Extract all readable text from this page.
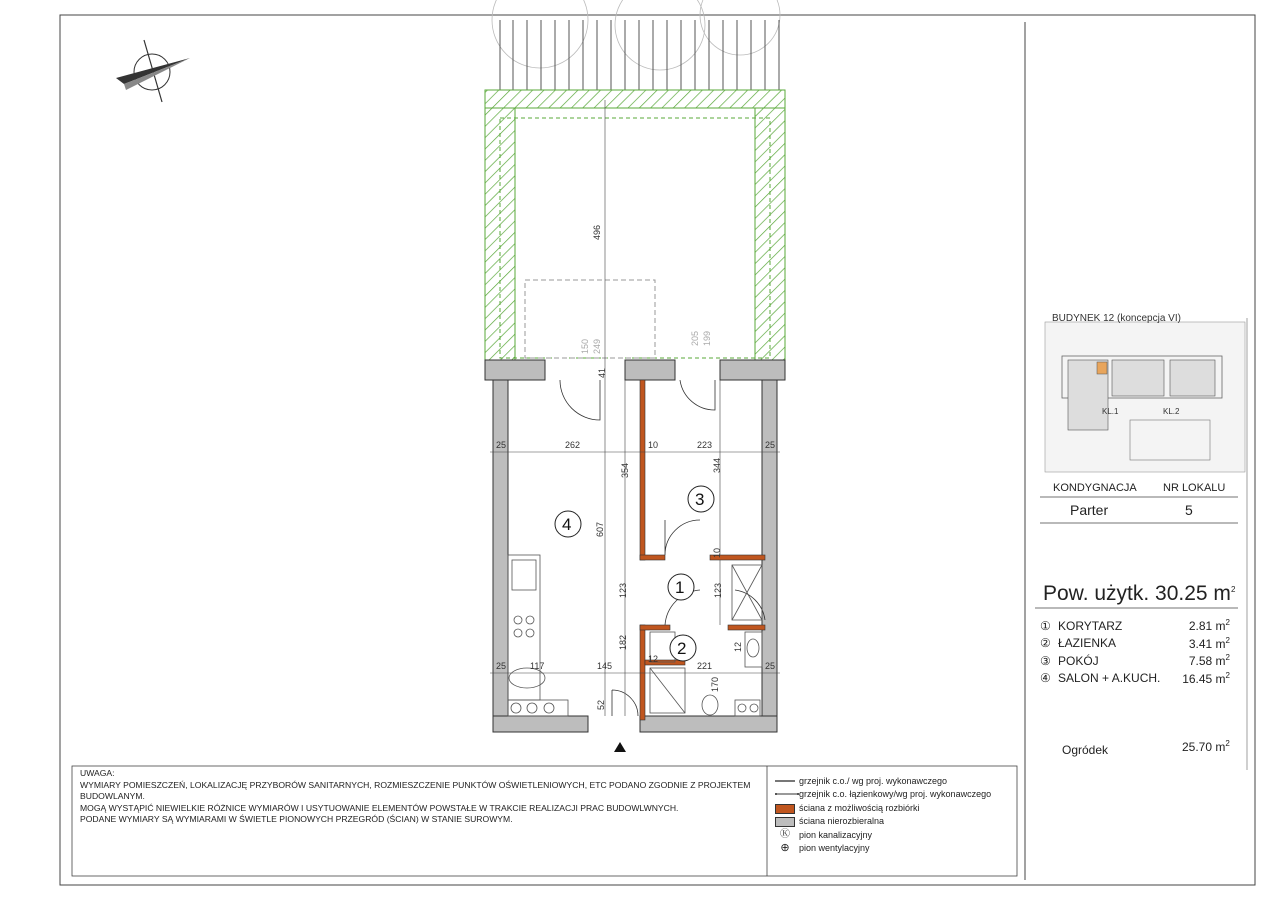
496
25	262	10	223	25
354	344
607
41
10
123	123
182
12
12
25	117	145	221
170
25
52
150 249
205 199
4
3
1
2
KL.1	KL.2
BUDYNEK 12 (koncepcja VI)
KONDYGNACJA NR LOKALU
Parter	5
Pow. użytk. 30.25 $m^2$
① KORYTARZ	2.81 $m^2$
② ŁAZIENKA	3.41 $m^2$
③ POKÓJ	7.58 $m^2$
④ SALON + A.KUCH.	16.45 $m^2$
Ogródek	25.70 $m^2$
UWAGA:
WYMIARY POMIESZCZEŃ, LOKALIZACJĘ PRZYBORÓW SANITARNYCH, ROZMIESZCZENIE PUNKTÓW OŚWIETLENIOWYCH, ETC PODANO ZGODNIE Z PROJEKTEM BUDOWLANYM.
MOGĄ WYSTĄPIĆ NIEWIELKIE RÓŻNICE WYMIARÓW I USYTUOWANIE ELEMENTÓW POWSTAŁE W TRAKCIE REALIZACJI PRAC BUDOWLWNYCH.
PODANE WYMIARY SĄ WYMIARAMI W ŚWIETLE PIONOWYCH PRZEGRÓD (ŚCIAN) W STANIE SUROWYM.
grzejnik c.o./ wg proj. wykonawczego
grzejnik c.o. łązienkowy/wg proj. wykonawczego
ściana z możliwością rozbiórki
ściana nierozbieralna
Ⓚ	pion kanalizacyjny
⊕	pion wentylacyjny
